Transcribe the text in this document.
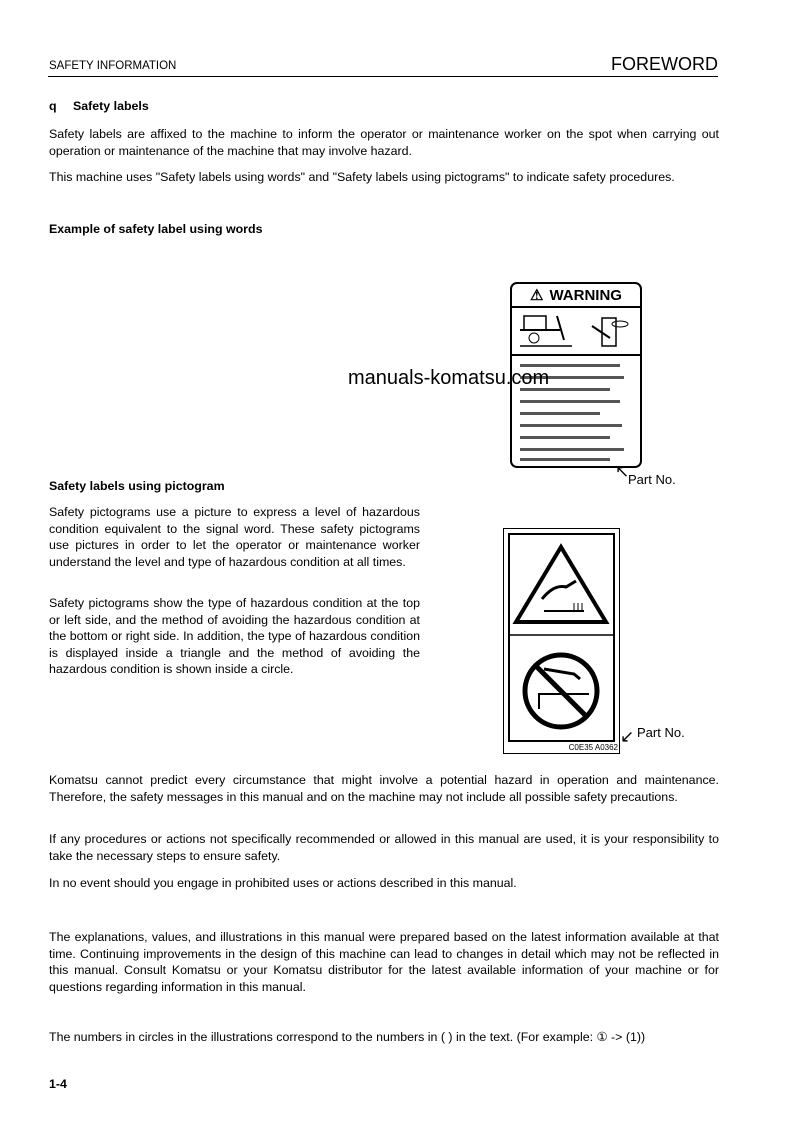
SAFETY INFORMATION	FOREWORD
q Safety labels
Safety labels are affixed to the machine to inform the operator or maintenance worker on the spot when carrying out operation or maintenance of the machine that may involve hazard.
This machine uses "Safety labels using words" and "Safety labels using pictograms" to indicate safety procedures.
Example of safety label using words
⚠ WARNING
↖
Part No.
manuals-komatsu.com
Safety labels using pictogram
Safety pictograms use a picture to express a level of hazardous condition equivalent to the signal word. These safety pictograms use pictures in order to let the operator or maintenance worker understand the level and type of hazardous condition at all times.
Safety pictograms show the type of hazardous condition at the top or left side, and the method of avoiding the hazardous condition at the bottom or right side. In addition, the type of hazardous condition is displayed inside a triangle and the method of avoiding the hazardous condition is shown inside a circle.
C0E35 A0362
↙ Part No.
Komatsu cannot predict every circumstance that might involve a potential hazard in operation and maintenance. Therefore, the safety messages in this manual and on the machine may not include all possible safety precautions.
If any procedures or actions not specifically recommended or allowed in this manual are used, it is your responsibility to take the necessary steps to ensure safety.
In no event should you engage in prohibited uses or actions described in this manual.
The explanations, values, and illustrations in this manual were prepared based on the latest information available at that time. Continuing improvements in the design of this machine can lead to changes in detail which may not be reflected in this manual. Consult Komatsu or your Komatsu distributor for the latest available information of your machine or for questions regarding information in this manual.
The numbers in circles in the illustrations correspond to the numbers in ( ) in the text. (For example: ① -> (1))
1-4
